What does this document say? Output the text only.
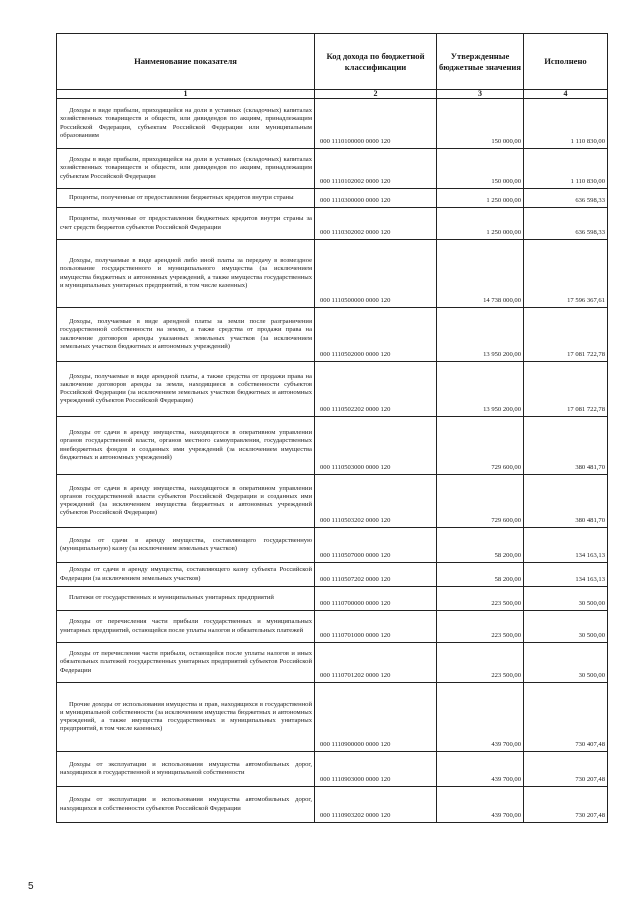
Наименование показателя	Код дохода по бюджетной классификации	Утвержденные бюджетные значения	Исполнено
1	2	3	4
Доходы в виде прибыли, приходящейся на доли в уставных (складочных) капиталах хозяйственных товариществ и обществ, или дивидендов по акциям, принадлежащим Российской Федерации, субъектам Российской Федерации или муниципальным образованиям	000 1110100000 0000 120	150 000,00	1 110 830,00
Доходы в виде прибыли, приходящейся на доли в уставных (складочных) капиталах хозяйственных товариществ и обществ, или дивидендов по акциям, принадлежащим субъектам Российской Федерации	000 1110102002 0000 120	150 000,00	1 110 830,00
Проценты, полученные от предоставления бюджетных кредитов внутри страны	000 1110300000 0000 120	1 250 000,00	636 598,33
Проценты, полученные от предоставления бюджетных кредитов внутри страны за счет средств бюджетов субъектов Российской Федерации	000 1110302002 0000 120	1 250 000,00	636 598,33
Доходы, получаемые в виде арендной либо иной платы за передачу в возмездное пользование государственного и муниципального имущества (за исключением имущества бюджетных и автономных учреждений, а также имущества государственных и муниципальных унитарных предприятий, в том числе казенных)	000 1110500000 0000 120	14 738 000,00	17 596 367,61
Доходы, получаемые в виде арендной платы за земли после разграничения государственной собственности на землю, а также средства от продажи права на заключение договоров аренды указанных земельных участков (за исключением земельных участков бюджетных и автономных учреждений)	000 1110502000 0000 120	13 950 200,00	17 081 722,78
Доходы, получаемые в виде арендной платы, а также средства от продажи права на заключение договоров аренды за земли, находящиеся в собственности субъектов Российской Федерации (за исключением земельных участков бюджетных и автономных учреждений субъектов Российской Федерации)	000 1110502202 0000 120	13 950 200,00	17 081 722,78
Доходы от сдачи в аренду имущества, находящегося в оперативном управлении органов государственной власти, органов местного самоуправления, государственных внебюджетных фондов и созданных ими учреждений (за исключением имущества бюджетных и автономных учреждений)	000 1110503000 0000 120	729 600,00	380 481,70
Доходы от сдачи в аренду имущества, находящегося в оперативном управлении органов государственной власти субъектов Российской Федерации и созданных ими учреждений (за исключением имущества бюджетных и автономных учреждений субъектов Российской Федерации)	000 1110503202 0000 120	729 600,00	380 481,70
Доходы от сдачи в аренду имущества, составляющего государственную (муниципальную) казну (за исключением земельных участков)	000 1110507000 0000 120	58 200,00	134 163,13
Доходы от сдачи в аренду имущества, составляющего казну субъекта Российской Федерации (за исключением земельных участков)	000 1110507202 0000 120	58 200,00	134 163,13
Платежи от государственных и муниципальных унитарных предприятий	000 1110700000 0000 120	223 500,00	30 500,00
Доходы от перечисления части прибыли государственных и муниципальных унитарных предприятий, остающейся после уплаты налогов и обязательных платежей	000 1110701000 0000 120	223 500,00	30 500,00
Доходы от перечисления части прибыли, остающейся после уплаты налогов и иных обязательных платежей государственных унитарных предприятий субъектов Российской Федерации	000 1110701202 0000 120	223 500,00	30 500,00
Прочие доходы от использования имущества и прав, находящихся в государственной и муниципальной собственности (за исключением имущества бюджетных и автономных учреждений, а также имущества государственных и муниципальных унитарных предприятий, в том числе казенных)	000 1110900000 0000 120	439 700,00	730 407,48
Доходы от эксплуатации и использования имущества автомобильных дорог, находящихся в государственной и муниципальной собственности	000 1110903000 0000 120	439 700,00	730 207,48
Доходы от эксплуатации и использования имущества автомобильных дорог, находящихся в собственности субъектов Российской Федерации	000 1110903202 0000 120	439 700,00	730 207,48
5
